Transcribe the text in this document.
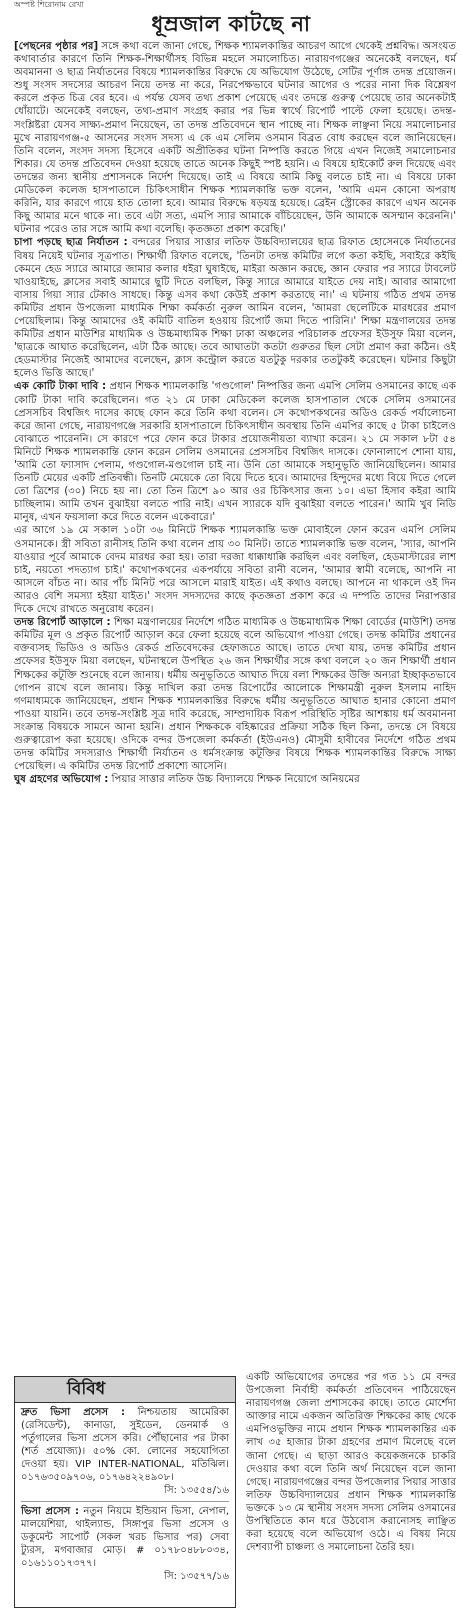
অস্পষ্ট শিরোনাম রেখা
ধূম্রজাল কাটছে না

[পেছনের পৃষ্ঠার পর] সঙ্গে কথা বলে জানা গেছে, শিক্ষক শ্যামলকান্তির আচরণ আগে থেকেই প্রশ্নবিদ্ধ। অসংযত কথাবার্তার কারণে তিনি শিক্ষক-শিক্ষার্থীসহ বিভিন্ন মহলে সমালোচিত। নারায়ণগঞ্জের অনেকেই বলছেন, ধর্ম অবমাননা ও ছাত্র নির্যাতনের বিষয়ে শ্যামলকান্তির বিরুদ্ধে যে অভিযোগ উঠেছে, সেটির পূর্ণাঙ্গ তদন্ত প্রয়োজন। শুধু সংসদ সদস্যের আচরণ নিয়ে তদন্ত না করে, নিরপেক্ষভাবে ঘটনার আগের ও পরের নানা দিক বিশ্লেষণ করলে প্রকৃত চিত্র বের হবে। এ পর্যন্ত যেসব তথ্য প্রকাশ পেয়েছে এবং তদন্তে গুরুত্ব পেয়েছে তার অনেকটাই ধোঁয়াটে। অনেকেই বলছেন, তথ্য-প্রমাণ সংগ্রহ করার পর ভিন্ন স্বার্থে রিপোর্ট পাল্টে ফেলা হয়েছে। তদন্ত-সংশ্লিষ্টরা যেসব সাক্ষ্য-প্রমাণ নিয়েছেন, তা তদন্ত প্রতিবেদনে স্থান পাচ্ছে না। শিক্ষক লাঞ্ছনা নিয়ে সমালোচনার মুখে নারায়ণগঞ্জ-৫ আসনের সংসদ সদস্য এ কে এম সেলিম ওসমান বিব্রত বোধ করছেন বলে জানিয়েছেন। তিনি বলেন, সংসদ সদস্য হিসেবে একটি অপ্রীতিকর ঘটনা নিষ্পত্তি করতে গিয়ে এখন নিজেই সমালোচনার শিকার। যে তদন্ত প্রতিবেদন দেওয়া হয়েছে তাতে অনেক কিছুই স্পষ্ট হয়নি। এ বিষয়ে হাইকোর্ট রুল দিয়েছে এবং তদন্তের জন্য স্থানীয় প্রশাসনকে নির্দেশ দিয়েছে। তাই এ বিষয়ে আমি কিছু বলতে চাই না। এ বিষয়ে ঢাকা মেডিকেল কলেজ হাসপাতালে চিকিৎসাধীন শিক্ষক শ্যামলকান্তি ভক্ত বলেন, 'আমি এমন কোনো অপরাধ করিনি, যার কারণে গায়ে হাত তোলা হবে। আমার বিরুদ্ধে ষড়যন্ত্র হয়েছে। ব্রেইন স্ট্রোকের কারণে এখন অনেক কিছু আমার মনে থাকে না। তবে এটা সত্য, এমপি স্যার আমাকে বাঁচিয়েছেন, উনি আমাকে অসম্মান করেননি।' ঘটনার পরেও তার সঙ্গে আমি কথা বলেছি। কৃতজ্ঞতা প্রকাশ করেছি।'

চাপা পড়ছে ছাত্র নির্যাতন : বন্দরের পিয়ার সাত্তার লতিফ উচ্চবিদ্যালয়ের ছাত্র রিফাত হোসেনকে নির্যাতনের বিষয় নিয়েই ঘটনার সূত্রপাত। শিক্ষার্থী রিফাত বলেছে, 'তিনটা তদন্ত কমিটির লগে কতা কইছি, সবাইরে কইছি কেমনে হেড স্যারে আমারে জামার কলার ধইরা ঘুষাইছে, মাইরা অজ্ঞান করছে, জ্ঞান ফেরার পর স্যারে টাবলেট খাওয়াইছে, ক্লাসের সবাই আমারে ছুটি দিতে বলছিল, কিন্তু স্যারে আমারে যাইতে দেয় নাই। আবার আমাগো বাসায় গিয়া স্যার টেকাও সাধছে। কিন্তু এসব কথা কেউই প্রকাশ করতাছে না।' এ ঘটনায় গঠিত প্রথম তদন্ত কমিটির প্রধান উপজেলা মাধ্যমিক শিক্ষা কর্মকর্তা নুরুল আমিন বলেন, 'আমরা ছেলেটিকে মারধরের প্রমাণ পেয়েছিলাম। কিন্তু আমাদের ওই কমিটি বাতিল হওয়ায় রিপোর্ট জমা দিতে পারিনি।' শিক্ষা মন্ত্রণালয়ের তদন্ত কমিটির প্রধান মাউশির মাধ্যমিক ও উচ্চমাধ্যমিক শিক্ষা ঢাকা অঞ্চলের পরিচালক প্রফেসর ইউসুফ মিয়া বলেন, 'ছাত্রকে আঘাত করেছিলেন, এটা ঠিক আছে। তবে আঘাতটা কতটা গুরুতর ছিল সেটা প্রমাণ করা কঠিন। ওই হেডমাস্টার নিজেই আমাদের বলেছেন, ক্লাস কন্ট্রোল করতে যতটুকু দরকার ততটুকই করেছেন। ঘটনার কিছুটা হলেও ভিত্তি আছে।'

এক কোটি টাকা দাবি : প্রধান শিক্ষক শ্যামলকান্তি 'গণ্ডগোল' নিষ্পত্তির জন্য এমপি সেলিম ওসমানের কাছে এক কোটি টাকা দাবি করেছিলেন। গত ২১ মে ঢাকা মেডিকেল কলেজ হাসপাতাল থেকে সেলিম ওসমানের প্রেসসচিব বিশ্বজিৎ দাসের কাছে ফোন করে তিনি কথা বলেন। সে কথোপকথনের অডিও রেকর্ড পর্যালোচনা করে জানা গেছে, নারায়ণগঞ্জে সরকারি হাসপাতালে চিকিৎসাধীন অবস্থায় তিনি এমপির কাছে ৫ টাকা চাইলেও বোঝাতে পারেননি। সে কারণে পরে ফোন করে টাকার প্রয়োজনীয়তা ব্যাখ্যা করেন। ২১ মে সকাল ৮টা ৫৪ মিনিটে শিক্ষক শ্যামলকান্তি ফোন করেন সেলিম ওসমানের প্রেসসচিব বিশ্বজিৎ দাসকে। ফোনালাপে শোনা যায়, 'আমি তো ফ্যাসাদ পেলাম, গণ্ডগোল-মণ্ডগোল চাই না। উনি তো আমাকে সহানুভূতি জানিয়েছিলেন। আমার তিনটি মেয়ের একটি প্রতিবন্ধী। তিনটি মেয়েকে তো বিয়ে দিতে হবে। আমাদের হিন্দুদের মধ্যে বিয়ে দিতে গেলে তো ত্রিশের (৩০) নিচে হয় না। তো তিন ত্রিশে ৯০ আর ওর চিকিৎসার জন্য ১০। এভা হিসাব কইরা আমি চাচ্ছিলাম। আমি তখন বুঝাইয়া বলতে পারি নাই। এখন স্যারকে যদি বুঝাইয়া বলতে পারেন।' আমি খুব নিডি মানুষ, এখন ফয়সালা করে দিতে বলেন একেবারে।'

এর আগে ১৯ মে সকাল ১০টা ৩৬ মিনিটে শিক্ষক শ্যামলকান্তি ভক্ত মোবাইলে ফোন করেন এমপি সেলিম ওসমানকে। স্ত্রী সবিতা রানীসহ তিনি কথা বলেন প্রায় ৩০ মিনিট। তাতে শ্যামলকান্তি ভক্ত বলেন, 'স্যার, আপনি যাওয়ার পূর্বে আমাকে বেদম মারধর করা হয়। তারা দরজা ধাক্কাধাক্কি করছিল এবং বলছিল, হেডমাস্টারের লাশ চাই, নয়তো পদত্যাগ চাই।' কথোপকথনের একপর্যায়ে সবিতা রানী বলেন, 'আমার স্বামী বলেছে, আপনি না আসলে বাঁচত না। আর পাঁচ মিনিট পরে আসলে মারাই যাইত। এই কথাও বলছে। আপনে না থাকলে ওই দিন আরও বেশি সমস্যা হইয়া যাইত।' সংসদ সদস্যদের কাছে কৃতজ্ঞতা প্রকাশ করে এ দম্পতি তাদের নিরাপত্তার দিকে দেখে রাখতে অনুরোধ করেন।

তদন্ত রিপোর্ট আড়ালে : শিক্ষা মন্ত্রণালয়ের নির্দেশে গঠিত মাধ্যমিক ও উচ্চমাধ্যমিক শিক্ষা বোর্ডের (মাউশি) তদন্ত কমিটির মূল ও প্রকৃত রিপোর্ট আড়াল করে ফেলা হয়েছে বলে অভিযোগ পাওয়া গেছে। তদন্ত কমিটির প্রধানের বক্তব্যসহ ভিডিও ও অডিও রেকর্ড প্রতিবেদকের হেফাজতে আছে। তাতে দেখা যায়, তদন্ত কমিটির প্রধান প্রফেসর ইউসুফ মিয়া বলছেন, ঘটনাস্থলে উপস্থিত ২৬ জন শিক্ষার্থীর সঙ্গে কথা বললে ২০ জন শিক্ষার্থী প্রধান শিক্ষকের কটূক্তি শুনেছে বলে জানায়। ধর্মীয় অনুভূতিতে আঘাত দিয়ে বলা শিক্ষকের উক্তি অন্যরা ইচ্ছাকৃতভাবে গোপন রাখে বলে জানায়। কিন্তু দাখিল করা তদন্ত রিপোর্টের আলোকে শিক্ষামন্ত্রী নুরুল ইসলাম নাহিদ গণমাধ্যমকে জানিয়েছেন, প্রধান শিক্ষক শ্যামলকান্তির বিরুদ্ধে ধর্মীয় অনুভূতিতে আঘাত হানার কোনো প্রমাণ পাওয়া যায়নি। তবে তদন্ত-সংশ্লিষ্ট সূত্র দাবি করেছে, সাম্প্রদায়িক বিরূপ পরিস্থিতি সৃষ্টির আশঙ্কায় ধর্ম অবমাননা সংক্রান্ত বিষয়কে সামনে আনা হয়নি। প্রধান শিক্ষককে বহিষ্কারের প্রক্রিয়া সঠিক ছিল কিনা, তদন্তে সে বিষয়ে গুরুত্বারোপ করা হয়েছে। ওদিকে বন্দর উপজেলা কর্মকর্তা (ইউএনও) মৌসুমী হাবীবের নির্দেশে গঠিত প্রথম তদন্ত কমিটির সদস্যরাও শিক্ষার্থী নির্যাতন ও ধর্মসংক্রান্ত কটূক্তির বিষয়ে শিক্ষক শ্যামলকান্তির বিরুদ্ধে সাক্ষ্য পেয়েছিল। এ কমিটির তদন্ত রিপোর্ট প্রকাশ্যে আসেনি।

ঘুষ গ্রহণের অভিযোগ : পিয়ার সাত্তার লতিফ উচ্চ বিদ্যালয়ে শিক্ষক নিয়োগে অনিয়মের

বিবিধ

দ্রুত ভিসা প্রসেস : নিশ্চয়তায় আমেরিকা (রেসিডেন্ট), কানাডা, সুইডেন, ডেনমার্ক ও পর্তুগালের ভিসা প্রসেস করি। পৌঁছানোর পর টাকা (শর্ত প্রযোজ্য)। ৫০% কো. লোনের সহযোগিতা দেওয়া হয়। VIP INTER-NATIONAL, মতিঝিল। ০১৭৬৩৫০৯৭০৬, ০১৭৬৪২২৪৯০৮।

সি: ১৩৫৫৪/১৬

ভিসা প্রসেস : নতুন নিয়মে ইন্ডিয়ান ভিসা, নেপাল, মালয়েশিয়া, থাইল্যান্ড, সিঙ্গাপুর ভিসা প্রসেস ও ডকুমেন্ট সাপোর্ট (সকল খরচ ভিসার পর) সেবা ট্যুরস, মগবাজার মোড়। # ০১৭৮০৪৮৮০৩৪, ০১৬১১০১৭৩৭৭।

সি: ১৩৫৭৭/১৬

একটি অভিযোগের তদন্তের পর গত ১১ মে বন্দর উপজেলা নির্বাহী কর্মকর্তা প্রতিবেদন পাঠিয়েছেন নারায়ণগঞ্জ জেলা প্রশাসকের কাছে। তাতে মোর্শেদা আক্তার নামে একজন অতিরিক্ত শিক্ষকের কাছ থেকে এমপিওভুক্তির নামে প্রধান শিক্ষক শ্যামলকান্তির এক লাখ ৩৫ হাজার টাকা গ্রহণের প্রমাণ মিলেছে বলে জানা গেছে। এ ছাড়া আরও কয়েকজনকে চাকরি দেওয়ার কথা বলে তিনি অর্থ নিয়েছেন বলে জানা গেছে। নারায়ণগঞ্জের বন্দর উপজেলার পিয়ার সাত্তার লতিফ উচ্চবিদ্যালয়ের প্রধান শিক্ষক শ্যামলকান্তি ভক্তকে ১৩ মে স্থানীয় সংসদ সদস্য সেলিম ওসমানের উপস্থিতিতে কান ধরে উঠবোস করানোসহ লাঞ্ছিত করা হয়েছে বলে অভিযোগ ওঠে। এ বিষয় নিয়ে দেশব্যাপী চাঞ্চল্য ও সমালোচনা তৈরি হয়।
